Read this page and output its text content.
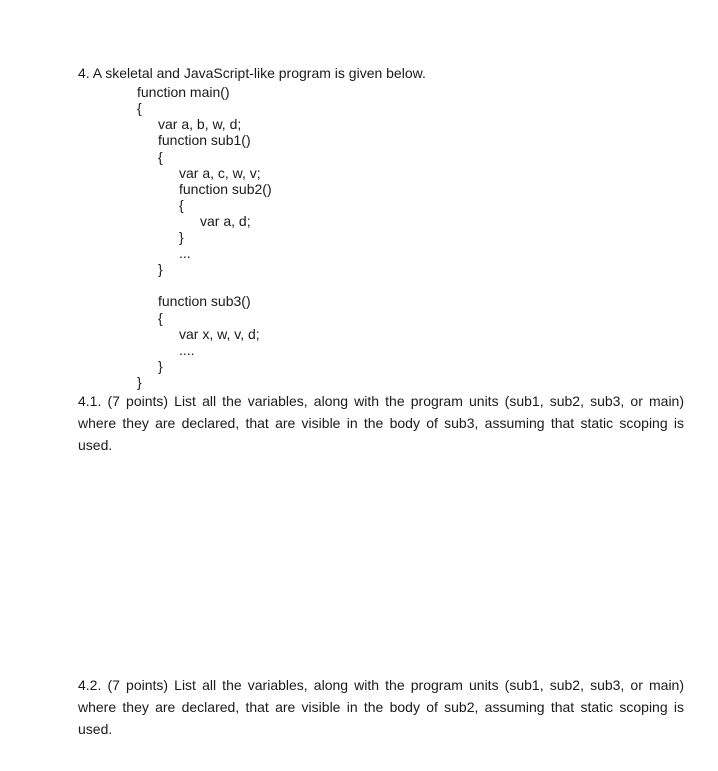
4. A skeletal and JavaScript-like program is given below.
function main()
{
var a, b, w, d;
function sub1()
{
var a, c, w, v;
function sub2()
{
var a, d;
}
...
}
function sub3()
{
var x, w, v, d;
....
}
}
4.1. (7 points) List all the variables, along with the program units (sub1, sub2, sub3, or main) where they are declared, that are visible in the body of sub3, assuming that static scoping is used.
4.2. (7 points) List all the variables, along with the program units (sub1, sub2, sub3, or main) where they are declared, that are visible in the body of sub2, assuming that static scoping is used.
